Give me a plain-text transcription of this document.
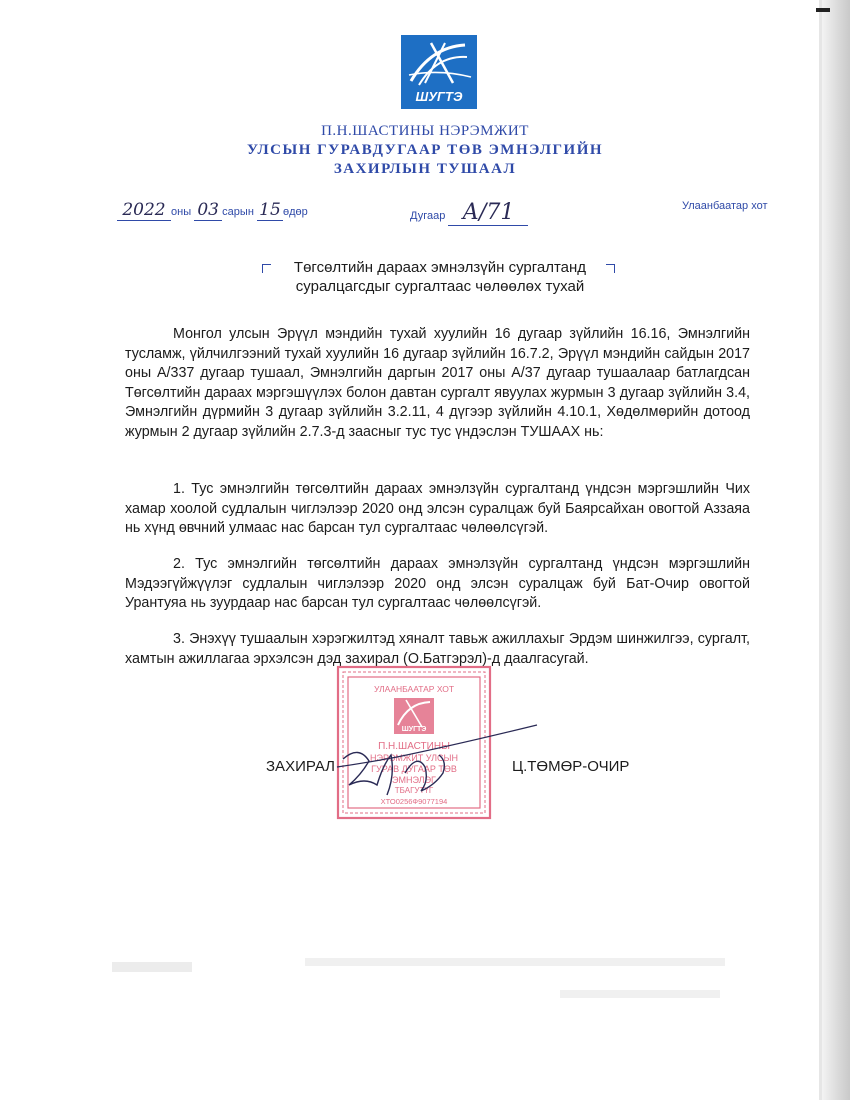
ШУГТЭ
П.Н.ШАСТИНЫ НЭРЭМЖИТ
УЛСЫН ГУРАВДУГААР ТӨВ ЭМНЭЛГИЙН
ЗАХИРЛЫН ТУШААЛ
2022 оны 03 сарын 15 өдөр	Дугаар А/71	Улаанбаатар хот
Төгсөлтийн дараах эмнэлзүйн сургалтанд
суралцагсдыг сургалтаас чөлөөлөх тухай

Монгол улсын Эрүүл мэндийн тухай хуулийн 16 дугаар зүйлийн 16.16, Эмнэлгийн тусламж, үйлчилгээний тухай хуулийн 16 дугаар зүйлийн 16.7.2, Эрүүл мэндийн сайдын 2017 оны А/337 дугаар тушаал, Эмнэлгийн даргын 2017 оны А/37 дугаар тушаалаар батлагдсан Төгсөлтийн дараах мэргэшүүлэх болон давтан сургалт явуулах журмын 3 дугаар зүйлийн 3.4, Эмнэлгийн дүрмийн 3 дугаар зүйлийн 3.2.11, 4 дүгээр зүйлийн 4.10.1, Хөдөлмөрийн дотоод журмын 2 дугаар зүйлийн 2.7.3-д заасныг тус тус үндэслэн ТУШААХ нь:

1. Тус эмнэлгийн төгсөлтийн дараах эмнэлзүйн сургалтанд үндсэн мэргэшлийн Чих хамар хоолой судлалын чиглэлээр 2020 онд элсэн суралцаж буй Баярсайхан овогтой Аззаяа нь хүнд өвчний улмаас нас барсан тул сургалтаас чөлөөлсүгэй.

2. Тус эмнэлгийн төгсөлтийн дараах эмнэлзүйн сургалтанд үндсэн мэргэшлийн Мэдээгүйжүүлэг судлалын чиглэлээр 2020 онд элсэн суралцаж буй Бат-Очир овогтой Урантуяа нь зуурдаар нас барсан тул сургалтаас чөлөөлсүгэй.

3. Энэхүү тушаалын хэрэгжилтэд хяналт тавьж ажиллахыг Эрдэм шинжилгээ, сургалт, хамтын ажиллагаа эрхэлсэн дэд захирал (О.Батгэрэл)-д даалгасугай.

УЛААНБААТАР ХОТ
ШУГТЭ
П.Н.ШАСТИНЫ
НЭРЭМЖИТ УЛСЫН
ГУРАВ ДУГААР ТӨВ
ЭМНЭЛЭГ
ТБАГУТҮГ
ХТО0256Ф9077194
ЗАХИРАЛ	Ц.ТӨМӨР-ОЧИР
